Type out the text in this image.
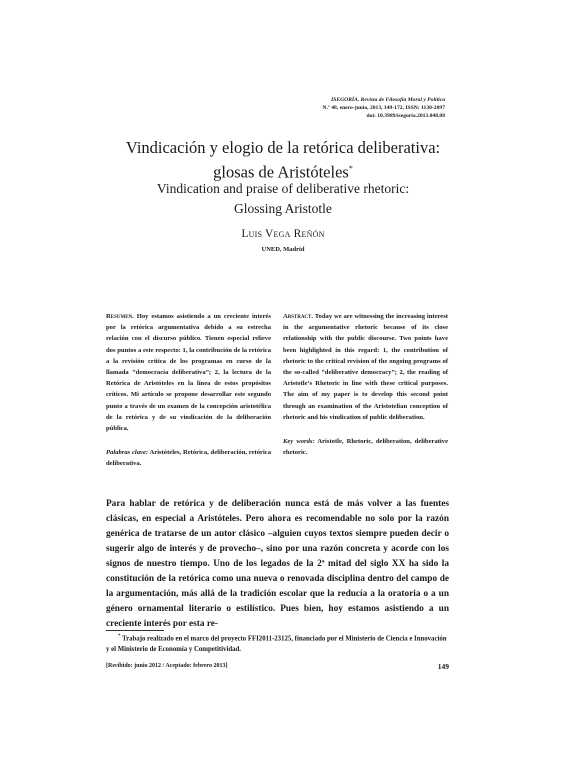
ISEGORÍA. Revista de Filosofía Moral y Política
N.º 48, enero-junio, 2013, 149-172, ISSN: 1130-2097
doi: 10.3989/isegoria.2013.048.08
Vindicación y elogio de la retórica deliberativa:
glosas de Aristóteles*
Vindication and praise of deliberative rhetoric:
Glossing Aristotle
Luis Vega Reñón
UNED, Madrid
Resumen. Hoy estamos asistiendo a un creciente interés por la retórica argumentativa debido a su estrecha relación con el discurso público. Tienen especial relieve dos puntos a este respecto: 1, la contribución de la retórica a la revisión crítica de los programas en curso de la llamada “democracia deliberativa”; 2, la lectura de la Retórica de Aristóteles en la línea de estos propósitos críticos. Mi artículo se propone desarrollar este segundo punto a través de un examen de la concepción aristotélica de la retórica y de su vindicación de la deliberación pública.
Palabras clave: Aristóteles, Retórica, deliberación, retórica deliberativa.
Abstract. Today we are witnessing the increasing interest in the argumentative rhetoric because of its close relationship with the public discourse. Two points have been highlighted in this regard: 1, the contribution of rhetoric to the critical revision of the ongoing programs of the so-called “deliberative democracy”; 2, the reading of Aristotle’s Rhetoric in line with these critical purposes. The aim of my paper is to develop this second point through an examination of the Aristotelian conception of rhetoric and his vindication of public deliberation.
Key words: Aristotle, Rhetoric, deliberation, deliberative rhetoric.

Para hablar de retórica y de deliberación nunca está de más volver a las fuentes clásicas, en especial a Aristóteles. Pero ahora es recomendable no solo por la razón genérica de tratarse de un autor clásico –alguien cuyos textos siempre pueden decir o sugerir algo de interés y de provecho–, sino por una razón concreta y acorde con los signos de nuestro tiempo. Uno de los legados de la 2ª mitad del siglo XX ha sido la constitución de la retórica como una nueva o renovada disciplina dentro del campo de la argumentación, más allá de la tradición escolar que la reducía a la oratoria o a un género ornamental literario o estilístico. Pues bien, hoy estamos asistiendo a un creciente interés por esta re-

* Trabajo realizado en el marco del proyecto FFI2011-23125, financiado por el Ministerio de Ciencia e Innovación y el Ministerio de Economía y Competitividad.
[Recibido: junio 2012 / Aceptado: febrero 2013]	149
